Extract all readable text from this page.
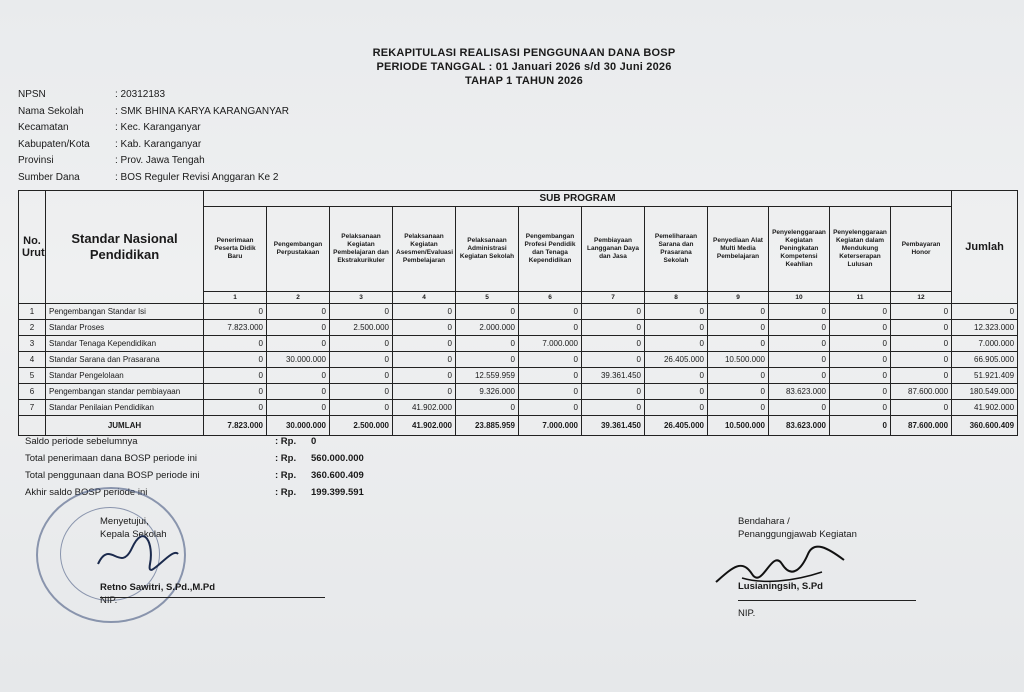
REKAPITULASI REALISASI PENGGUNAAN DANA BOSP
PERIODE TANGGAL : 01 Januari 2026 s/d 30 Juni 2026
TAHAP 1 TAHUN 2026
NPSN	: 20312183
Nama Sekolah	: SMK BHINA KARYA KARANGANYAR
Kecamatan	: Kec. Karanganyar
Kabupaten/Kota	: Kab. Karanganyar
Provinsi	: Prov. Jawa Tengah
Sumber Dana	: BOS Reguler Revisi Anggaran Ke 2
No. Urut	Standar Nasional Pendidikan	SUB PROGRAM												Jumlah
		Penerimaan Peserta Didik Baru	Pengembangan Perpustakaan	Pelaksanaan Kegiatan Pembelajaran dan Ekstrakurikuler	Pelaksanaan Kegiatan Asesmen/Evaluasi Pembelajaran	Pelaksanaan Administrasi Kegiatan Sekolah	Pengembangan Profesi Pendidik dan Tenaga Kependidikan	Pembiayaan Langganan Daya dan Jasa	Pemeliharaan Sarana dan Prasarana Sekolah	Penyediaan Alat Multi Media Pembelajaran	Penyelenggaraan Kegiatan Peningkatan Kompetensi Keahlian	Penyelenggaraan Kegiatan dalam Mendukung Keterserapan Lulusan	Pembayaran Honor	
		1	2	3	4	5	6	7	8	9	10	11	12	
1	Pengembangan Standar Isi	0	0	0	0	0	0	0	0	0	0	0	0	0
2	Standar Proses	7.823.000	0	2.500.000	0	2.000.000	0	0	0	0	0	0	0	12.323.000
3	Standar Tenaga Kependidikan	0	0	0	0	0	7.000.000	0	0	0	0	0	0	7.000.000
4	Standar Sarana dan Prasarana	0	30.000.000	0	0	0	0	0	26.405.000	10.500.000	0	0	0	66.905.000
5	Standar Pengelolaan	0	0	0	0	12.559.959	0	39.361.450	0	0	0	0	0	51.921.409
6	Pengembangan standar pembiayaan	0	0	0	0	9.326.000	0	0	0	0	83.623.000	0	87.600.000	180.549.000
7	Standar Penilaian Pendidikan	0	0	0	41.902.000	0	0	0	0	0	0	0	0	41.902.000
	JUMLAH	7.823.000	30.000.000	2.500.000	41.902.000	23.885.959	7.000.000	39.361.450	26.405.000	10.500.000	83.623.000	0	87.600.000	360.600.409
Saldo periode sebelumnya	: Rp.	0
Total penerimaan dana BOSP periode ini	: Rp.	560.000.000
Total penggunaan dana BOSP periode ini	: Rp.	360.600.409
Akhir saldo BOSP periode ini	: Rp.	199.399.591
Menyetujui,
Kepala Sekolah
Retno Sawitri, S.Pd.,M.Pd
NIP.
Bendahara /
Penanggungjawab Kegiatan
Lusianingsih, S.Pd
NIP.
